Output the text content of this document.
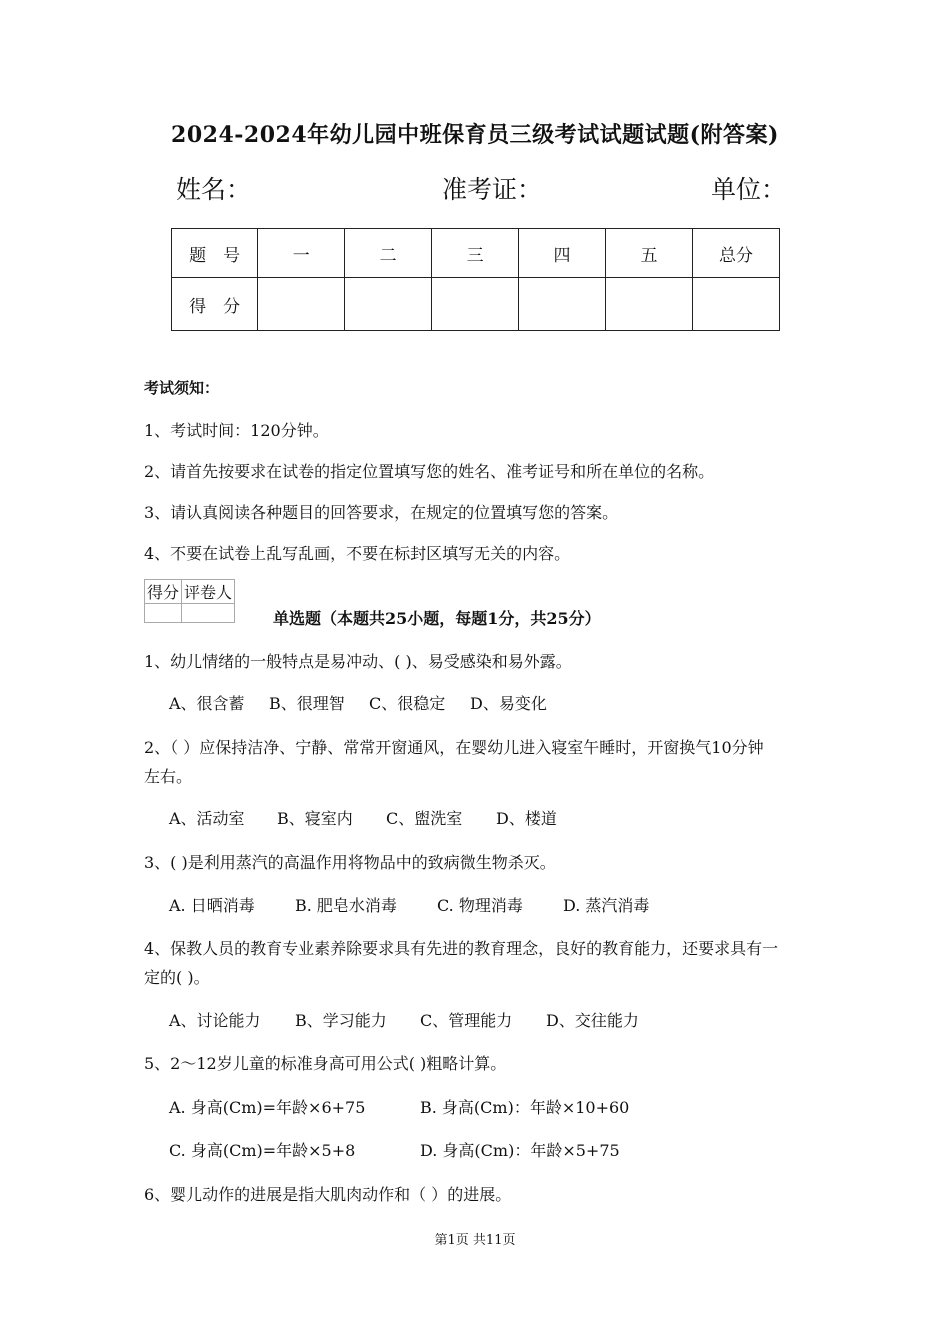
2024-2024年幼儿园中班保育员三级考试试题试题(附答案)
姓名：	准考证：	单位：
题　号	一	二	三	四	五	总分
得　分						
考试须知：
1、考试时间：120分钟。
2、请首先按要求在试卷的指定位置填写您的姓名、准考证号和所在单位的名称。
3、请认真阅读各种题目的回答要求，在规定的位置填写您的答案。
4、不要在试卷上乱写乱画，不要在标封区填写无关的内容。
得分	评卷人

单选题（本题共25小题，每题1分，共25分）
1、幼儿情绪的一般特点是易冲动、( )、易受感染和易外露。
A、很含蓄 B、很理智 C、很稳定 D、易变化
2、（ ）应保持洁净、宁静、常常开窗通风，在婴幼儿进入寝室午睡时，开窗换气10分钟
左右。
A、活动室 B、寝室内 C、盥洗室 D、楼道
3、( )是利用蒸汽的高温作用将物品中的致病微生物杀灭。
A. 日晒消毒	B. 肥皂水消毒	C. 物理消毒	D. 蒸汽消毒
4、保教人员的教育专业素养除要求具有先进的教育理念，良好的教育能力，还要求具有一
定的( )。
A、讨论能力 B、学习能力 C、管理能力 D、交往能力
5、2～12岁儿童的标准身高可用公式( )粗略计算。
A. 身高(Cm)=年龄×6+75	B. 身高(Cm)：年龄×10+60
C. 身高(Cm)=年龄×5+8	D. 身高(Cm)：年龄×5+75
6、婴儿动作的进展是指大肌肉动作和（ ）的进展。
第1页 共11页
